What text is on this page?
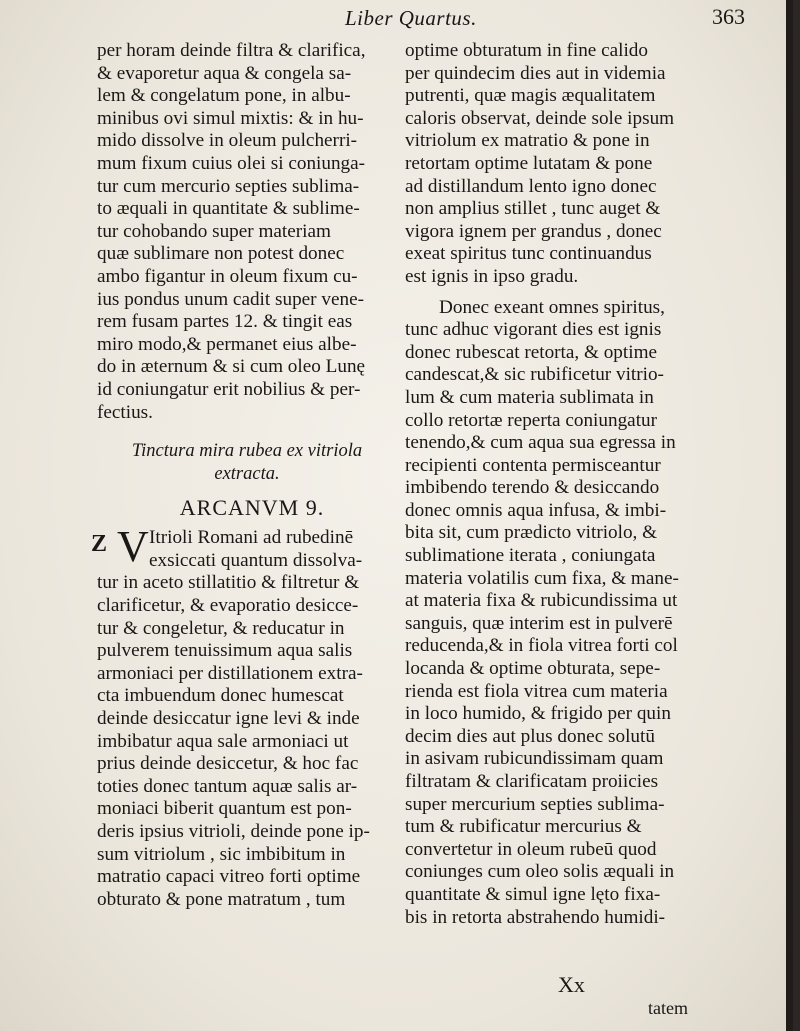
Liber Quartus.	363
per horam deinde filtra & clarifica,
& evaporetur aqua & congela sa-
lem & congelatum pone, in albu-
minibus ovi simul mixtis: & in hu-
mido dissolve in oleum pulcherri-
mum fixum cuius olei si coniunga-
tur cum mercurio septies sublima-
to æquali in quantitate & sublime-
tur cohobando super materiam
quæ sublimare non potest donec
ambo figantur in oleum fixum cu-
ius pondus unum cadit super vene-
rem fusam partes 12. & tingit eas
miro modo,& permanet eius albe-
do in æternum & si cum oleo Lunę
id coniungatur erit nobilius & per-
fectius.
Tinctura mira rubea ex vitriola
extracta.
ARCANVM 9.
Z V Itrioli Romani ad rubedinē
exsiccati quantum dissolva-
tur in aceto stillatitio & filtretur &
clarificetur, & evaporatio desicce-
tur & congeletur, & reducatur in
pulverem tenuissimum aqua salis
armoniaci per distillationem extra-
cta imbuendum donec humescat
deinde desiccatur igne levi & inde
imbibatur aqua sale armoniaci ut
prius deinde desiccetur, & hoc fac
toties donec tantum aquæ salis ar-
moniaci biberit quantum est pon-
deris ipsius vitrioli, deinde pone ip-
sum vitriolum , sic imbibitum in
matratio capaci vitreo forti optime
obturato & pone matratum , tum
optime obturatum in fine calido
per quindecim dies aut in videmia
putrenti, quæ magis æqualitatem
caloris observat, deinde sole ipsum
vitriolum ex matratio & pone in
retortam optime lutatam & pone
ad distillandum lento igno donec
non amplius stillet , tunc auget &
vigora ignem per grandus , donec
exeat spiritus tunc continuandus
est ignis in ipso gradu.
Donec exeant omnes spiritus,
tunc adhuc vigorant dies est ignis
donec rubescat retorta, & optime
candescat,& sic rubificetur vitrio-
lum & cum materia sublimata in
collo retortæ reperta coniungatur
tenendo,& cum aqua sua egressa in
recipienti contenta permisceantur
imbibendo terendo & desiccando
donec omnis aqua infusa, & imbi-
bita sit, cum prædicto vitriolo, &
sublimatione iterata , coniungata
materia volatilis cum fixa, & mane-
at materia fixa & rubicundissima ut
sanguis, quæ interim est in pulverē
reducenda,& in fiola vitrea forti col
locanda & optime obturata, sepe-
rienda est fiola vitrea cum materia
in loco humido, & frigido per quin
decim dies aut plus donec solutū
in asivam rubicundissimam quam
filtratam & clarificatam proiicies
super mercurium septies sublima-
tum & rubificatur mercurius &
convertetur in oleum rubeū quod
coniunges cum oleo solis æquali in
quantitate & simul igne lęto fixa-
bis in retorta abstrahendo humidi-
Xx
tatem
